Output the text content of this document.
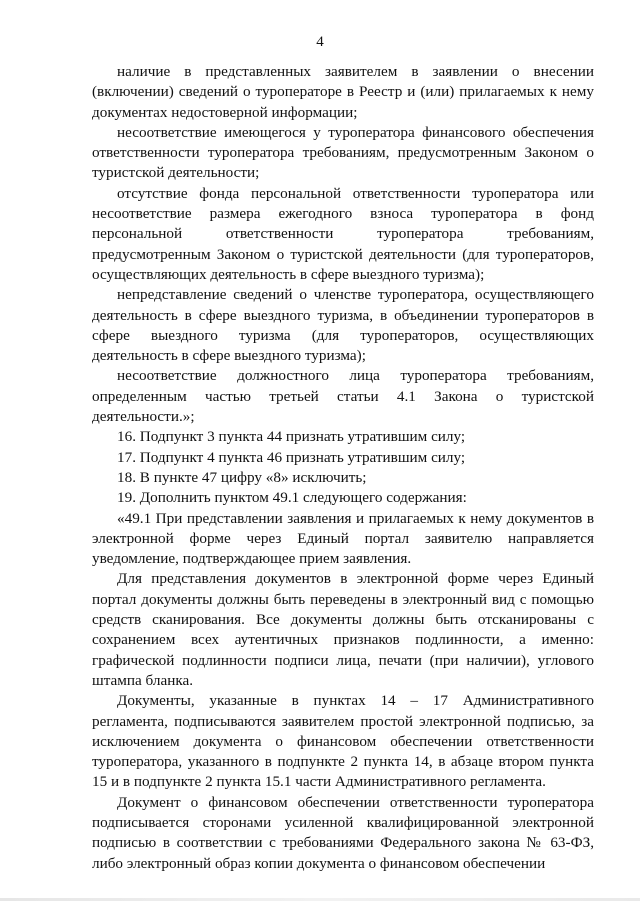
4

наличие в представленных заявителем в заявлении о внесении (включении) сведений о туроператоре в Реестр и (или) прилагаемых к нему документах недостоверной информации;

несоответствие имеющегося у туроператора финансового обеспечения ответственности туроператора требованиям, предусмотренным Законом о туристской деятельности;

отсутствие фонда персональной ответственности туроператора или несоответствие размера ежегодного взноса туроператора в фонд персональной ответственности туроператора требованиям, предусмотренным Законом о туристской деятельности (для туроператоров, осуществляющих деятельность в сфере выездного туризма);

непредставление сведений о членстве туроператора, осуществляющего деятельность в сфере выездного туризма, в объединении туроператоров в сфере выездного туризма (для туроператоров, осуществляющих деятельность в сфере выездного туризма);

несоответствие должностного лица туроператора требованиям, определенным частью третьей статьи 4.1 Закона о туристской деятельности.»;

16. Подпункт 3 пункта 44 признать утратившим силу;

17. Подпункт 4 пункта 46 признать утратившим силу;

18. В пункте 47 цифру «8» исключить;

19. Дополнить пунктом 49.1 следующего содержания:

«49.1 При представлении заявления и прилагаемых к нему документов в электронной форме через Единый портал заявителю направляется уведомление, подтверждающее прием заявления.

Для представления документов в электронной форме через Единый портал документы должны быть переведены в электронный вид с помощью средств сканирования. Все документы должны быть отсканированы с сохранением всех аутентичных признаков подлинности, а именно: графической подлинности подписи лица, печати (при наличии), углового штампа бланка.

Документы, указанные в пунктах 14 – 17 Административного регламента, подписываются заявителем простой электронной подписью, за исключением документа о финансовом обеспечении ответственности туроператора, указанного в подпункте 2 пункта 14, в абзаце втором пункта 15 и в подпункте 2 пункта 15.1 части Административного регламента.

Документ о финансовом обеспечении ответственности туроператора подписывается сторонами усиленной квалифицированной электронной подписью в соответствии с требованиями Федерального закона № 63-ФЗ, либо электронный образ копии документа о финансовом обеспечении
